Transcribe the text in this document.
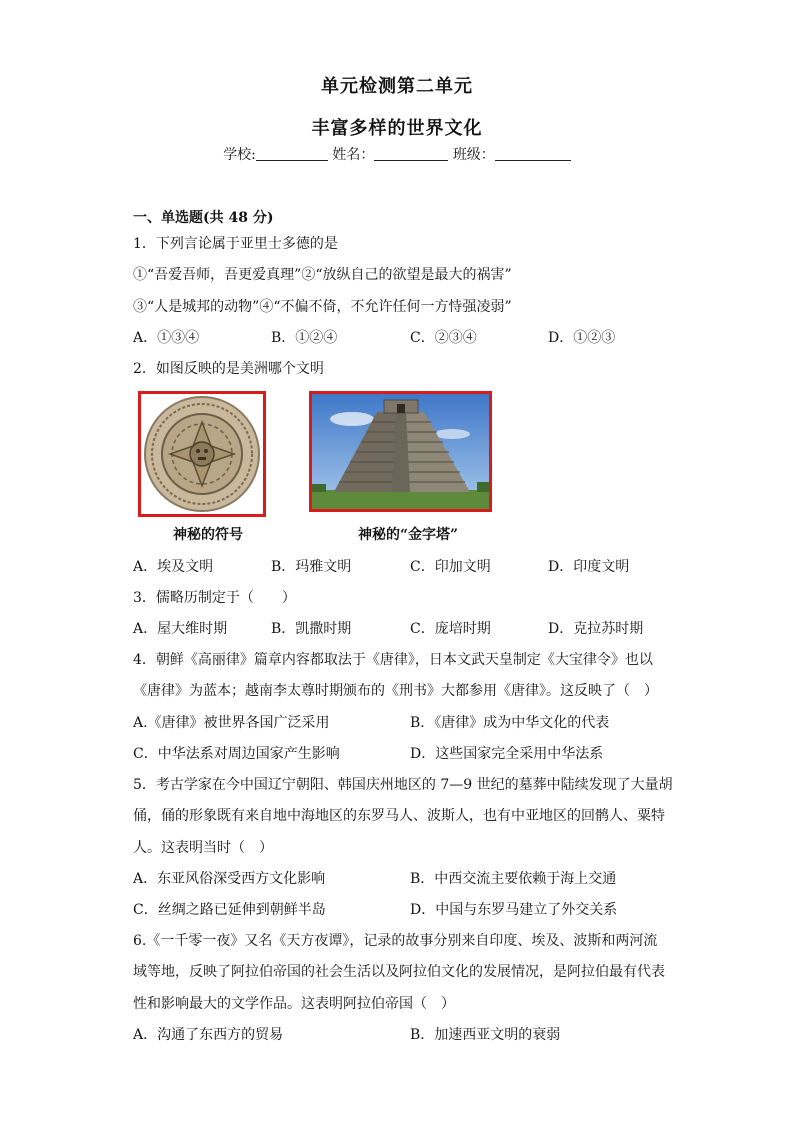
单元检测第二单元
丰富多样的世界文化
学校:	姓名：	班级：
一、单选题(共 48 分)
1．下列言论属于亚里士多德的是
①“吾爱吾师，吾更爱真理”②“放纵自己的欲望是最大的祸害”
③“人是城邦的动物”④“不偏不倚，不允许任何一方恃强凌弱”
A．①③④	B．①②④	C．②③④	D．①②③
2．如图反映的是美洲哪个文明
神秘的符号	神秘的“金字塔”
A．埃及文明	B．玛雅文明	C．印加文明	D．印度文明
3．儒略历制定于（　　）
A．屋大维时期	B．凯撒时期	C．庞培时期	D．克拉苏时期
4．朝鲜《高丽律》篇章内容都取法于《唐律》，日本文武天皇制定《大宝律令》也以
《唐律》为蓝本；越南李太尊时期颁布的《刑书》大都参用《唐律》。这反映了（　）
A.《唐律》被世界各国广泛采用	B．《唐律》成为中华文化的代表
C．中华法系对周边国家产生影响	D．这些国家完全采用中华法系
5．考古学家在今中国辽宁朝阳、韩国庆州地区的 7—9 世纪的墓葬中陆续发现了大量胡
俑，俑的形象既有来自地中海地区的东罗马人、波斯人，也有中亚地区的回鹘人、粟特
人。这表明当时（　）
A．东亚风俗深受西方文化影响	B．中西交流主要依赖于海上交通
C．丝绸之路已延伸到朝鲜半岛	D．中国与东罗马建立了外交关系
6.《一千零一夜》又名《天方夜谭》，记录的故事分别来自印度、埃及、波斯和两河流
域等地，反映了阿拉伯帝国的社会生活以及阿拉伯文化的发展情况，是阿拉伯最有代表
性和影响最大的文学作品。这表明阿拉伯帝国（　）
A．沟通了东西方的贸易	B．加速西亚文明的衰弱
